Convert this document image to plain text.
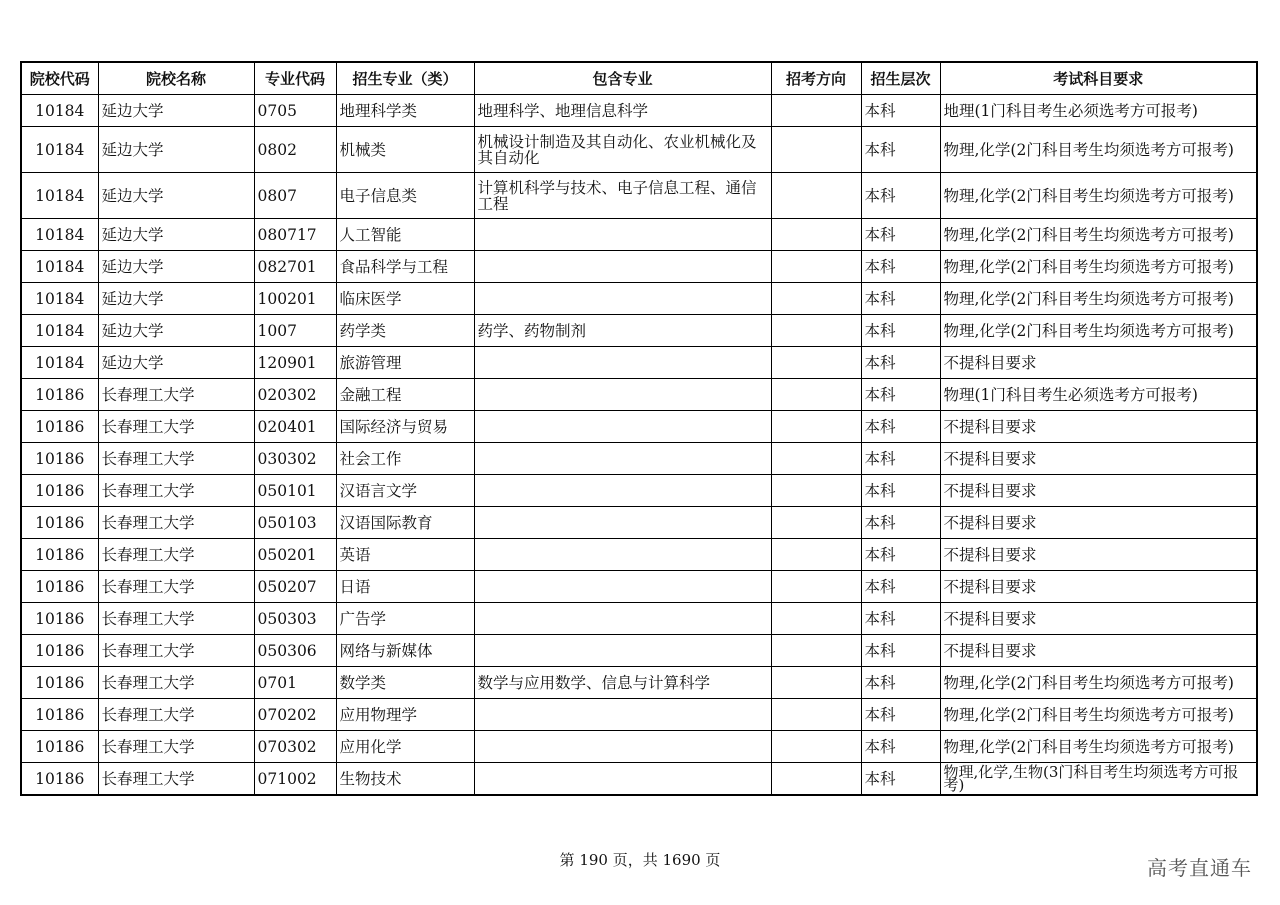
院校代码	院校名称	专业代码	招生专业（类）	包含专业	招考方向	招生层次	考试科目要求
10184	延边大学	0705	地理科学类	地理科学、地理信息科学		本科	地理(1门科目考生必须选考方可报考)
10184	延边大学	0802	机械类	机械设计制造及其自动化、农业机械化及其自动化		本科	物理,化学(2门科目考生均须选考方可报考)
10184	延边大学	0807	电子信息类	计算机科学与技术、电子信息工程、通信工程		本科	物理,化学(2门科目考生均须选考方可报考)
10184	延边大学	080717	人工智能			本科	物理,化学(2门科目考生均须选考方可报考)
10184	延边大学	082701	食品科学与工程			本科	物理,化学(2门科目考生均须选考方可报考)
10184	延边大学	100201	临床医学			本科	物理,化学(2门科目考生均须选考方可报考)
10184	延边大学	1007	药学类	药学、药物制剂		本科	物理,化学(2门科目考生均须选考方可报考)
10184	延边大学	120901	旅游管理			本科	不提科目要求
10186	长春理工大学	020302	金融工程			本科	物理(1门科目考生必须选考方可报考)
10186	长春理工大学	020401	国际经济与贸易			本科	不提科目要求
10186	长春理工大学	030302	社会工作			本科	不提科目要求
10186	长春理工大学	050101	汉语言文学			本科	不提科目要求
10186	长春理工大学	050103	汉语国际教育			本科	不提科目要求
10186	长春理工大学	050201	英语			本科	不提科目要求
10186	长春理工大学	050207	日语			本科	不提科目要求
10186	长春理工大学	050303	广告学			本科	不提科目要求
10186	长春理工大学	050306	网络与新媒体			本科	不提科目要求
10186	长春理工大学	0701	数学类	数学与应用数学、信息与计算科学		本科	物理,化学(2门科目考生均须选考方可报考)
10186	长春理工大学	070202	应用物理学			本科	物理,化学(2门科目考生均须选考方可报考)
10186	长春理工大学	070302	应用化学			本科	物理,化学(2门科目考生均须选考方可报考)
10186	长春理工大学	071002	生物技术			本科	物理,化学,生物(3门科目考生均须选考方可报考)
第 190 页，共 1690 页	高考直通车
